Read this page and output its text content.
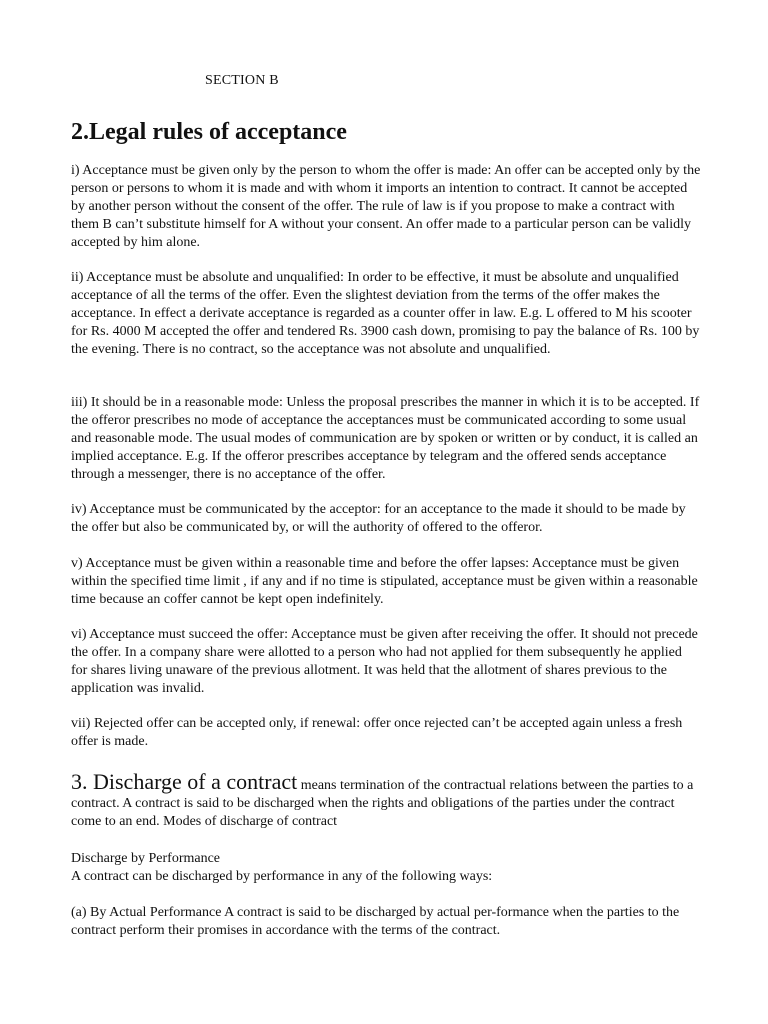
SECTION B
2.Legal rules of acceptance

i) Acceptance must be given only by the person to whom the offer is made: An offer can be accepted only by the person or persons to whom it is made and with whom it imports an intention to contract. It cannot be accepted by another person without the consent of the offer. The rule of law is if you propose to make a contract with them B can’t substitute himself for A without your consent. An offer made to a particular person can be validly accepted by him alone.

ii) Acceptance must be absolute and unqualified: In order to be effective, it must be absolute and unqualified acceptance of all the terms of the offer. Even the slightest deviation from the terms of the offer makes the acceptance. In effect a derivate acceptance is regarded as a counter offer in law. E.g. L offered to M his scooter for Rs. 4000 M accepted the offer and tendered Rs. 3900 cash down, promising to pay the balance of Rs. 100 by the evening. There is no contract, so the acceptance was not absolute and unqualified.

iii) It should be in a reasonable mode: Unless the proposal prescribes the manner in which it is to be accepted. If the offeror prescribes no mode of acceptance the acceptances must be communicated according to some usual and reasonable mode. The usual modes of communication are by spoken or written or by conduct, it is called an implied acceptance. E.g. If the offeror prescribes acceptance by telegram and the offered sends acceptance through a messenger, there is no acceptance of the offer.

iv) Acceptance must be communicated by the acceptor: for an acceptance to the made it should to be made by the offer but also be communicated by, or will the authority of offered to the offeror.

v) Acceptance must be given within a reasonable time and before the offer lapses: Acceptance must be given within the specified time limit , if any and if no time is stipulated, acceptance must be given within a reasonable time because an coffer cannot be kept open indefinitely.

vi) Acceptance must succeed the offer: Acceptance must be given after receiving the offer. It should not precede the offer. In a company share were allotted to a person who had not applied for them subsequently he applied for shares living unaware of the previous allotment. It was held that the allotment of shares previous to the application was invalid.

vii) Rejected offer can be accepted only, if renewal: offer once rejected can’t be accepted again unless a fresh offer is made.

3. Discharge of a contract means termination of the contractual relations between the parties to a contract. A contract is said to be discharged when the rights and obligations of the parties under the contract come to an end. Modes of discharge of contract

Discharge by Performance
A contract can be discharged by performance in any of the following ways:

(a) By Actual Performance A contract is said to be discharged by actual per-formance when the parties to the contract perform their promises in accordance with the terms of the contract.
